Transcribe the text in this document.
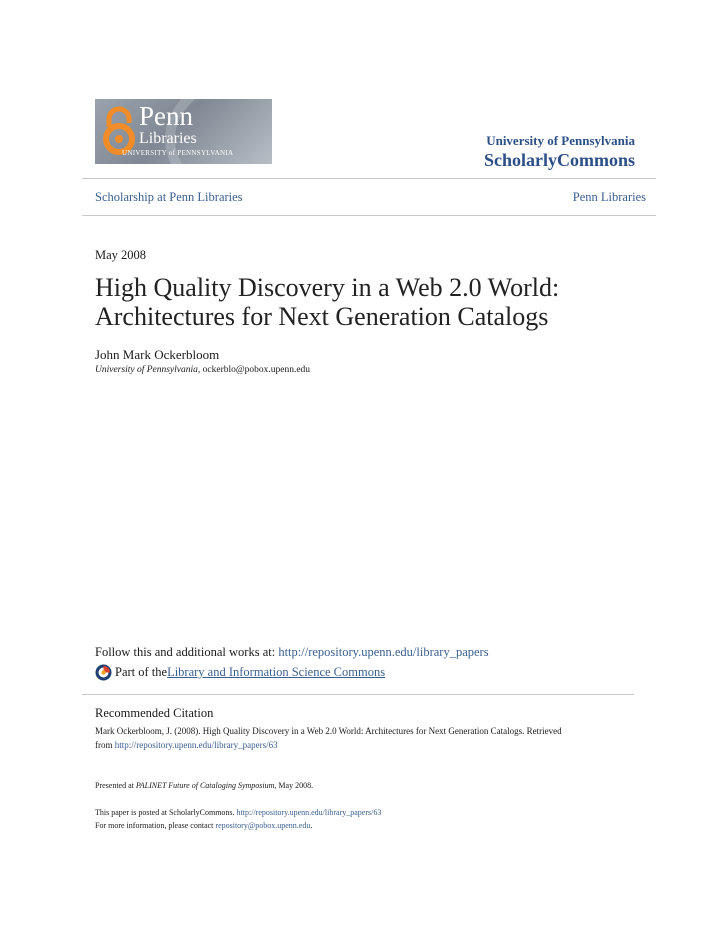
Penn
Libraries
UNIVERSITY of PENNSYLVANIA
University of Pennsylvania
ScholarlyCommons
Scholarship at Penn Libraries	Penn Libraries
May 2008
High Quality Discovery in a Web 2.0 World:
Architectures for Next Generation Catalogs
John Mark Ockerbloom
University of Pennsylvania, ockerblo@pobox.upenn.edu
Follow this and additional works at: http://repository.upenn.edu/library_papers
Part of the Library and Information Science Commons
Recommended Citation
Mark Ockerbloom, J. (2008). High Quality Discovery in a Web 2.0 World: Architectures for Next Generation Catalogs. Retrieved
from http://repository.upenn.edu/library_papers/63
Presented at PALINET Future of Cataloging Symposium, May 2008.
This paper is posted at ScholarlyCommons. http://repository.upenn.edu/library_papers/63
For more information, please contact repository@pobox.upenn.edu.
